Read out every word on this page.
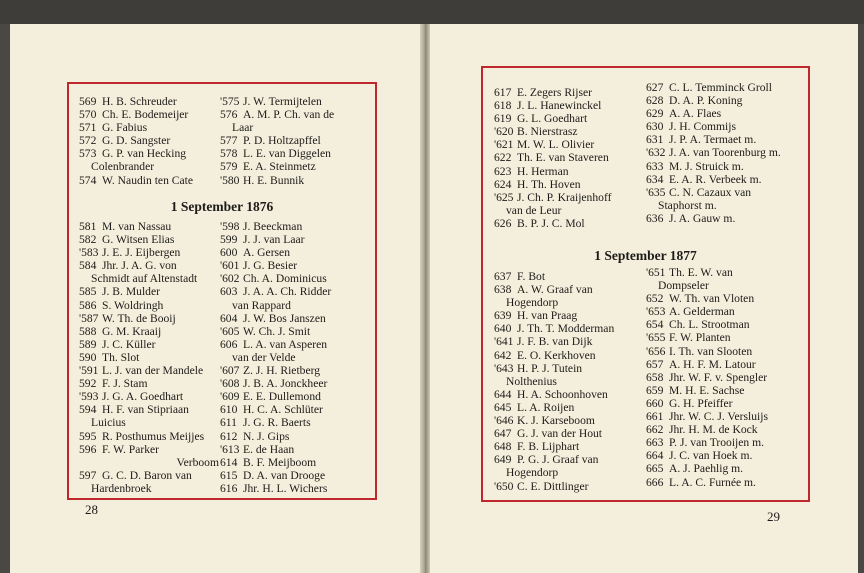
569 H. B. Schreuder
570 Ch. E. Bodemeijer
571 G. Fabius
572 G. D. Sangster
573 G. P. van Hecking
Colenbrander
574 W. Naudin ten Cate
'575 J. W. Termijtelen
576 A. M. P. Ch. van de
Laar
577 P. D. Holtzapffel
578 L. E. van Diggelen
579 E. A. Steinmetz
'580 H. E. Bunnik
1 September 1876
581 M. van Nassau
582 G. Witsen Elias
'583 J. E. J. Eijbergen
584 Jhr. J. A. G. von
Schmidt auf Altenstadt
585 J. B. Mulder
586 S. Woldringh
'587 W. Th. de Booij
588 G. M. Kraaij
589 J. C. Küller
590 Th. Slot
'591 L. J. van der Mandele
592 F. J. Stam
'593 J. G. A. Goedhart
594 H. F. van Stipriaan
Luicius
595 R. Posthumus Meijjes
596 F. W. Parker
Verboom
597 G. C. D. Baron van
Hardenbroek
'598 J. Beeckman
599 J. J. van Laar
600 A. Gersen
'601 J. G. Besier
'602 Ch. A. Dominicus
603 J. A. A. Ch. Ridder
van Rappard
604 J. W. Bos Janszen
'605 W. Ch. J. Smit
606 L. A. van Asperen
van der Velde
'607 Z. J. H. Rietberg
'608 J. B. A. Jonckheer
'609 E. E. Dullemond
610 H. C. A. Schlüter
611 J. G. R. Baerts
612 N. J. Gips
'613 E. de Haan
614 B. F. Meijboom
615 D. A. van Drooge
616 Jhr. H. L. Wichers
28
617 E. Zegers Rijser
618 J. L. Hanewinckel
619 G. L. Goedhart
'620 B. Nierstrasz
'621 M. W. L. Olivier
622 Th. E. van Staveren
623 H. Herman
624 H. Th. Hoven
'625 J. Ch. P. Kraijenhoff
van de Leur
626 B. P. J. C. Mol
627 C. L. Temminck Groll
628 D. A. P. Koning
629 A. A. Flaes
630 J. H. Commijs
631 J. P. A. Termaet m.
'632 J. A. van Toorenburg m.
633 M. J. Struick m.
634 E. A. R. Verbeek m.
'635 C. N. Cazaux van
Staphorst m.
636 J. A. Gauw m.
1 September 1877
637 F. Bot
638 A. W. Graaf van
Hogendorp
639 H. van Praag
640 J. Th. T. Modderman
'641 J. F. B. van Dijk
642 E. O. Kerkhoven
'643 H. P. J. Tutein
Nolthenius
644 H. A. Schoonhoven
645 L. A. Roijen
'646 K. J. Karseboom
647 G. J. van der Hout
648 F. B. Lijphart
649 P. G. J. Graaf van
Hogendorp
'650 C. E. Dittlinger
'651 Th. E. W. van
Dompseler
652 W. Th. van Vloten
'653 A. Gelderman
654 Ch. L. Strootman
'655 F. W. Planten
'656 I. Th. van Slooten
657 A. H. F. M. Latour
658 Jhr. W. F. v. Spengler
659 M. H. E. Sachse
660 G. H. Pfeiffer
661 Jhr. W. C. J. Versluijs
662 Jhr. H. M. de Kock
663 P. J. van Trooijen m.
664 J. C. van Hoek m.
665 A. J. Paehlig m.
666 L. A. C. Furnée m.
29
